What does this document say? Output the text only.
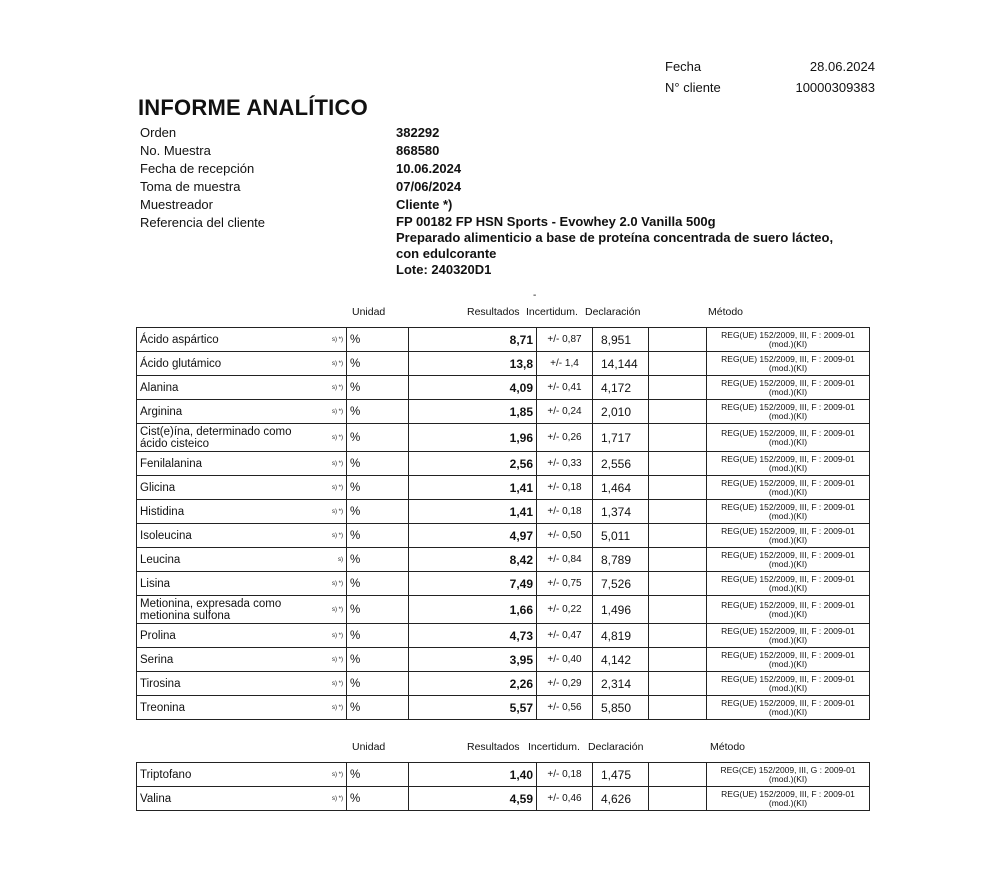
Fecha	28.06.2024
N° cliente	10000309383
INFORME ANALÍTICO
Orden	382292
No. Muestra	868580
Fecha de recepción	10.06.2024
Toma de muestra	07/06/2024
Muestreador	Cliente *)
Referencia del cliente	FP 00182 FP HSN Sports - Evowhey 2.0 Vanilla 500g
Preparado alimenticio a base de proteína concentrada de suero lácteo,
con edulcorante
Lote: 240320D1
-
Unidad	Resultados Incertidum. Declaración	Método
Ácido aspártico	s) *)	%	8,71	+/- 0,87	8,951		REG(UE) 152/2009, III, F : 2009-01 (mod.)(KI)
Ácido glutámico	s) *)	%	13,8	+/- 1,4	14,144		REG(UE) 152/2009, III, F : 2009-01 (mod.)(KI)
Alanina	s) *)	%	4,09	+/- 0,41	4,172		REG(UE) 152/2009, III, F : 2009-01 (mod.)(KI)
Arginina	s) *)	%	1,85	+/- 0,24	2,010		REG(UE) 152/2009, III, F : 2009-01 (mod.)(KI)
Cist(e)ína, determinado como ácido cisteico	s) *)	%	1,96	+/- 0,26	1,717		REG(UE) 152/2009, III, F : 2009-01 (mod.)(KI)
Fenilalanina	s) *)	%	2,56	+/- 0,33	2,556		REG(UE) 152/2009, III, F : 2009-01 (mod.)(KI)
Glicina	s) *)	%	1,41	+/- 0,18	1,464		REG(UE) 152/2009, III, F : 2009-01 (mod.)(KI)
Histidina	s) *)	%	1,41	+/- 0,18	1,374		REG(UE) 152/2009, III, F : 2009-01 (mod.)(KI)
Isoleucina	s) *)	%	4,97	+/- 0,50	5,011		REG(UE) 152/2009, III, F : 2009-01 (mod.)(KI)
Leucina	s)	%	8,42	+/- 0,84	8,789		REG(UE) 152/2009, III, F : 2009-01 (mod.)(KI)
Lisina	s) *)	%	7,49	+/- 0,75	7,526		REG(UE) 152/2009, III, F : 2009-01 (mod.)(KI)
Metionina, expresada como metionina sulfona	s) *)	%	1,66	+/- 0,22	1,496		REG(UE) 152/2009, III, F : 2009-01 (mod.)(KI)
Prolina	s) *)	%	4,73	+/- 0,47	4,819		REG(UE) 152/2009, III, F : 2009-01 (mod.)(KI)
Serina	s) *)	%	3,95	+/- 0,40	4,142		REG(UE) 152/2009, III, F : 2009-01 (mod.)(KI)
Tirosina	s) *)	%	2,26	+/- 0,29	2,314		REG(UE) 152/2009, III, F : 2009-01 (mod.)(KI)
Treonina	s) *)	%	5,57	+/- 0,56	5,850		REG(UE) 152/2009, III, F : 2009-01 (mod.)(KI)
Unidad	Resultados Incertidum. Declaración	Método
Triptofano	s) *)	%	1,40	+/- 0,18	1,475		REG(CE) 152/2009, III, G : 2009-01 (mod.)(KI)
Valina	s) *)	%	4,59	+/- 0,46	4,626		REG(UE) 152/2009, III, F : 2009-01 (mod.)(KI)
